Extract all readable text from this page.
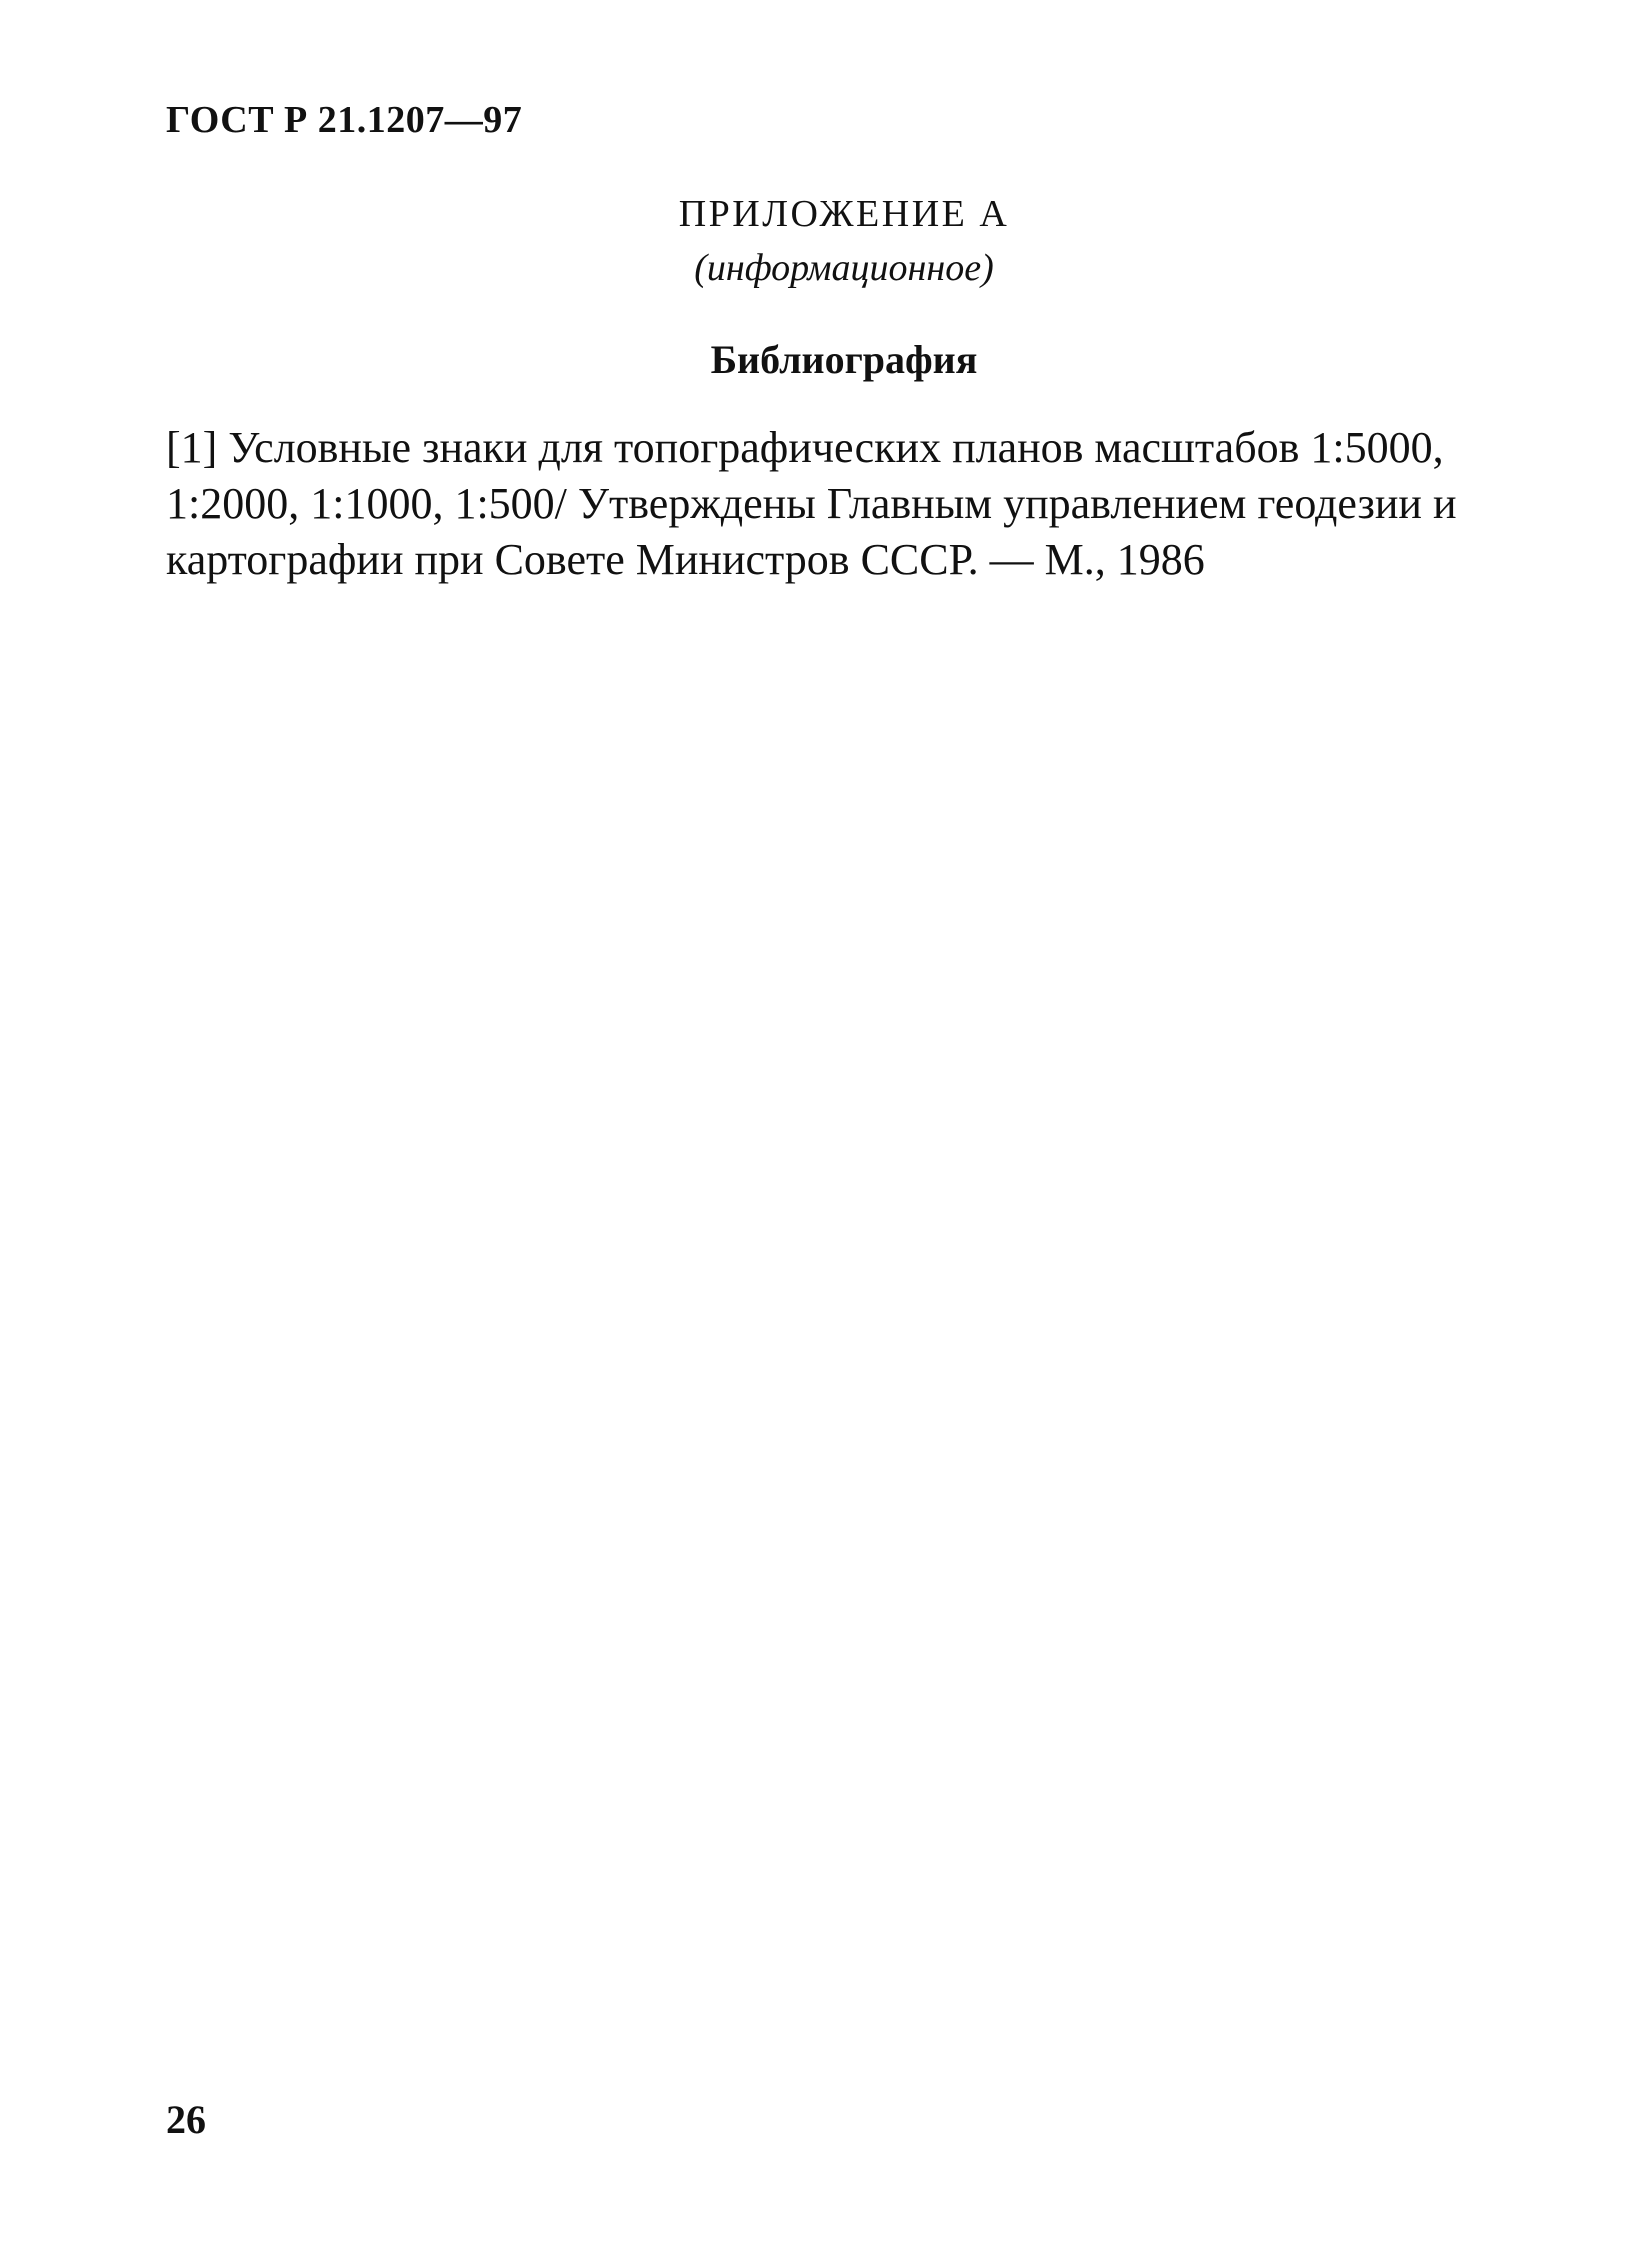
ГОСТ Р 21.1207—97
ПРИЛОЖЕНИЕ А
(информационное)
Библиография
[1] Условные знаки для топографических планов масштабов 1:5000,
1:2000, 1:1000, 1:500/ Утверждены Главным управлением геодезии и
картографии при Совете Министров СССР. — М., 1986
26
